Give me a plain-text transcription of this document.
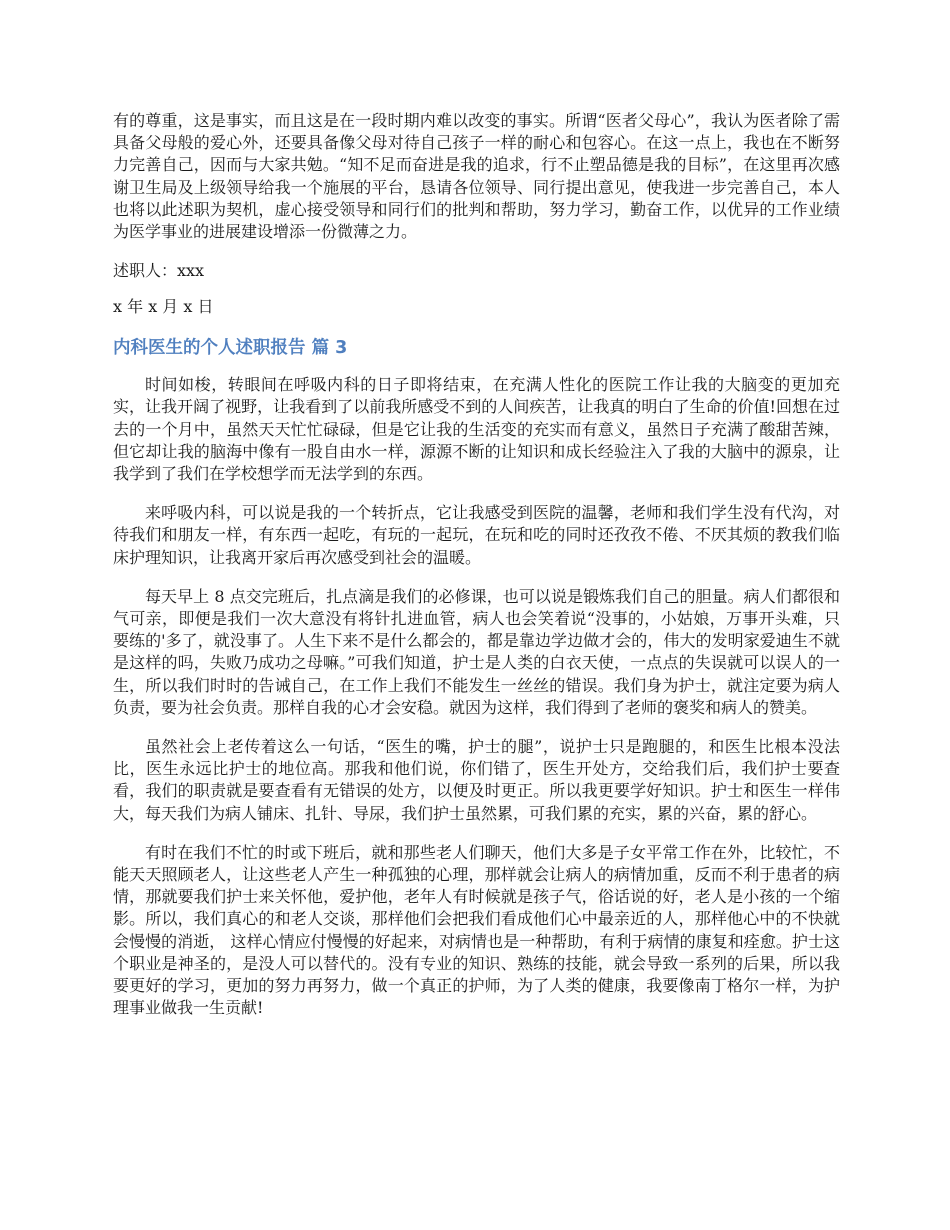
有的尊重，这是事实，而且这是在一段时期内难以改变的事实。所谓“医者父母心”，我认为医者除了需具备父母般的爱心外，还要具备像父母对待自己孩子一样的耐心和包容心。在这一点上，我也在不断努力完善自己，因而与大家共勉。“知不足而奋进是我的追求，行不止塑品德是我的目标”，在这里再次感谢卫生局及上级领导给我一个施展的平台，恳请各位领导、同行提出意见，使我进一步完善自己，本人也将以此述职为契机，虚心接受领导和同行们的批判和帮助，努力学习，勤奋工作，以优异的工作业绩为医学事业的进展建设增添一份微薄之力。

述职人：xxx

x 年 x 月 x 日

内科医生的个人述职报告 篇 3

时间如梭，转眼间在呼吸内科的日子即将结束，在充满人性化的医院工作让我的大脑变的更加充实，让我开阔了视野，让我看到了以前我所感受不到的人间疾苦，让我真的明白了生命的价值!回想在过去的一个月中，虽然天天忙忙碌碌，但是它让我的生活变的充实而有意义，虽然日子充满了酸甜苦辣，但它却让我的脑海中像有一股自由水一样，源源不断的让知识和成长经验注入了我的大脑中的源泉，让我学到了我们在学校想学而无法学到的东西。

来呼吸内科，可以说是我的一个转折点，它让我感受到医院的温馨，老师和我们学生没有代沟，对待我们和朋友一样，有东西一起吃，有玩的一起玩，在玩和吃的同时还孜孜不倦、不厌其烦的教我们临床护理知识，让我离开家后再次感受到社会的温暖。

每天早上 8 点交完班后，扎点滴是我们的必修课，也可以说是锻炼我们自己的胆量。病人们都很和气可亲，即便是我们一次大意没有将针扎进血管，病人也会笑着说“没事的，小姑娘，万事开头难，只要练的'多了，就没事了。人生下来不是什么都会的，都是靠边学边做才会的，伟大的发明家爱迪生不就是这样的吗，失败乃成功之母嘛。”可我们知道，护士是人类的白衣天使，一点点的失误就可以误人的一生，所以我们时时的告诫自己，在工作上我们不能发生一丝丝的错误。我们身为护士，就注定要为病人负责，要为社会负责。那样自我的心才会安稳。就因为这样，我们得到了老师的褒奖和病人的赞美。

虽然社会上老传着这么一句话，“医生的嘴，护士的腿”，说护士只是跑腿的，和医生比根本没法比，医生永远比护士的地位高。那我和他们说，你们错了，医生开处方，交给我们后，我们护士要查看，我们的职责就是要查看有无错误的处方，以便及时更正。所以我更要学好知识。护士和医生一样伟大，每天我们为病人铺床、扎针、导尿，我们护士虽然累，可我们累的充实，累的兴奋，累的舒心。

有时在我们不忙的时或下班后，就和那些老人们聊天，他们大多是子女平常工作在外，比较忙，不能天天照顾老人，让这些老人产生一种孤独的心理，那样就会让病人的病情加重，反而不利于患者的病情，那就要我们护士来关怀他，爱护他，老年人有时候就是孩子气，俗话说的好，老人是小孩的一个缩影。所以，我们真心的和老人交谈，那样他们会把我们看成他们心中最亲近的人，那样他心中的不快就会慢慢的消逝， 这样心情应付慢慢的好起来，对病情也是一种帮助，有利于病情的康复和痊愈。护士这个职业是神圣的，是没人可以替代的。没有专业的知识、熟练的技能，就会导致一系列的后果，所以我要更好的学习，更加的努力再努力，做一个真正的护师，为了人类的健康，我要像南丁格尔一样，为护理事业做我一生贡献!
